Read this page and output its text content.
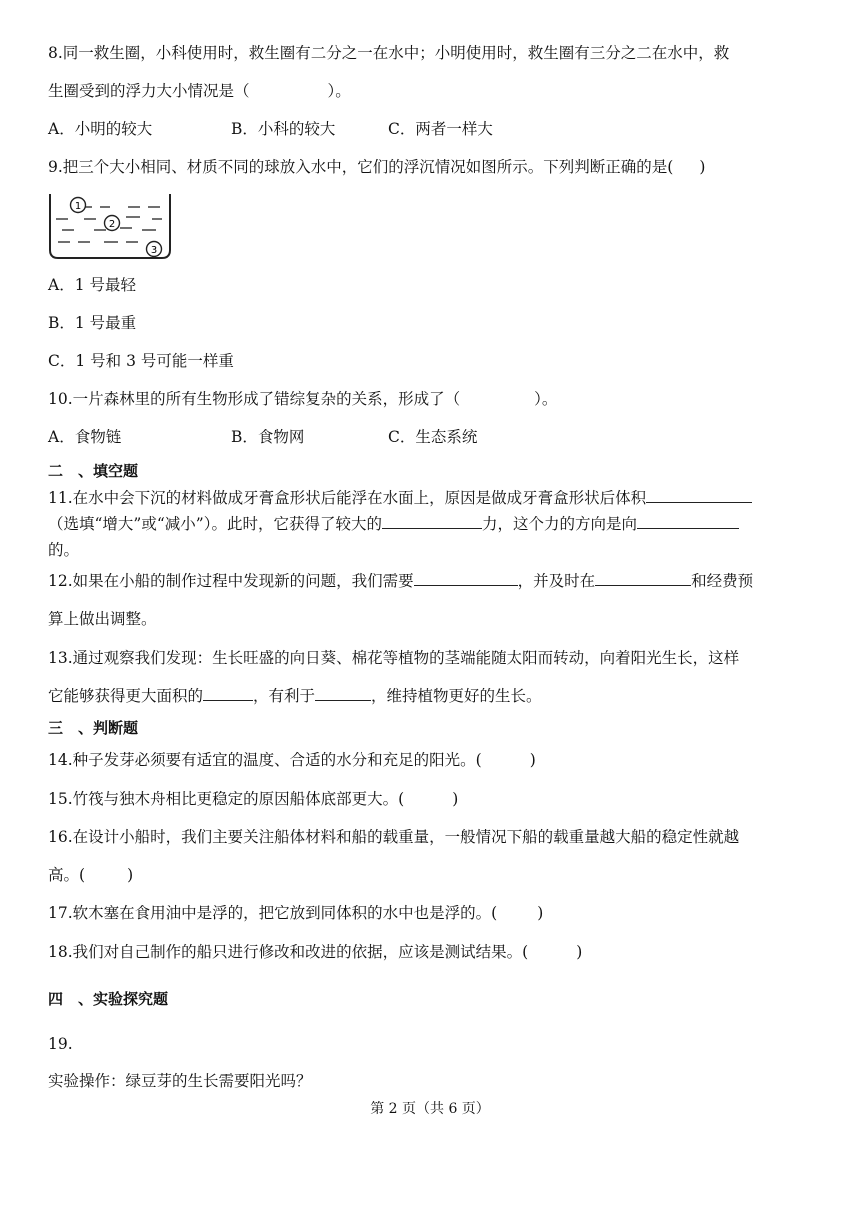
8.同一救生圈，小科使用时，救生圈有二分之一在水中；小明使用时，救生圈有三分之二在水中，救
生圈受到的浮力大小情况是（	）。
A．小明的较大	B．小科的较大	C．两者一样大
9.把三个大小相同、材质不同的球放入水中，它们的浮沉情况如图所示。下列判断正确的是( )
1
2
3
A．1 号最轻
B．1 号最重
C．1 号和 3 号可能一样重
10.一片森林里的所有生物形成了错综复杂的关系，形成了（	）。
A．食物链	B．食物网	C．生态系统
二　、填空题
11.在水中会下沉的材料做成牙膏盒形状后能浮在水面上，原因是做成牙膏盒形状后体积
（选填“增大”或“减小”）。此时，它获得了较大的	力，这个力的方向是向
的。
12.如果在小船的制作过程中发现新的问题，我们需要	，并及时在	和经费预
算上做出调整。
13.通过观察我们发现：生长旺盛的向日葵、棉花等植物的茎端能随太阳而转动，向着阳光生长，这样
它能够获得更大面积的	，有利于	，维持植物更好的生长。
三　、判断题
14.种子发芽必须要有适宜的温度、合适的水分和充足的阳光。(	)
15.竹筏与独木舟相比更稳定的原因船体底部更大。(	)
16.在设计小船时，我们主要关注船体材料和船的载重量，一般情况下船的载重量越大船的稳定性就越
高。(	)
17.软木塞在食用油中是浮的，把它放到同体积的水中也是浮的。(	)
18.我们对自己制作的船只进行修改和改进的依据，应该是测试结果。(	)
四　、实验探究题
19.
实验操作：绿豆芽的生长需要阳光吗？
第 2 页（共 6 页）
